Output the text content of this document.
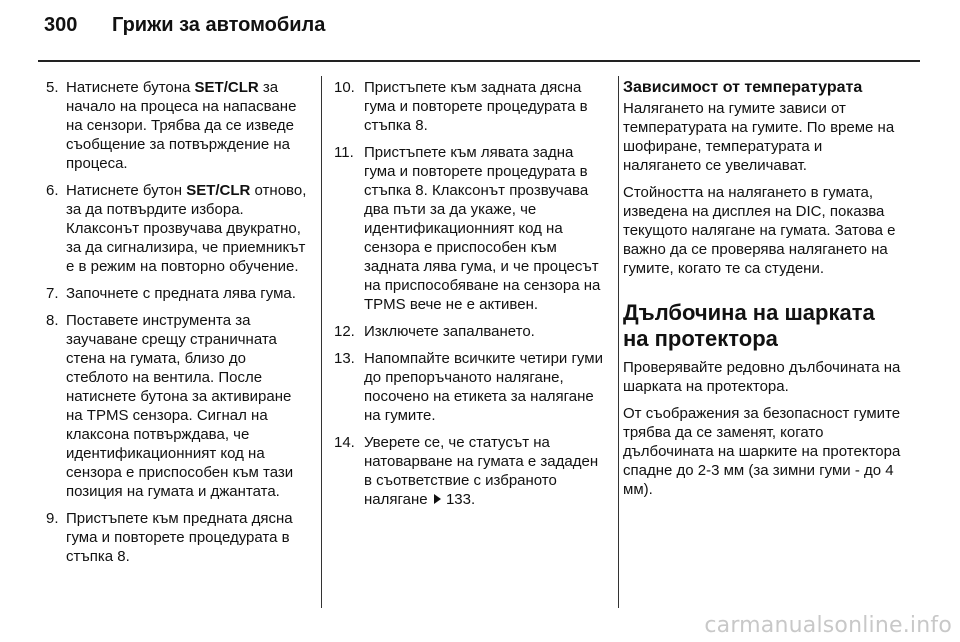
300	Грижи за автомобила
5. Натиснете бутона SET/CLR за начало на процеса на напасване на сензори. Трябва да се изведе съобщение за потвърждение на процеса.
6. Натиснете бутон SET/CLR отново, за да потвърдите избора. Клаксонът прозвучава двукратно, за да сигнализира, че приемникът е в режим на повторно обучение.
7. Започнете с предната лява гума.
8. Поставете инструмента за заучаване срещу страничната стена на гумата, близо до стеблото на вентила. После натиснете бутона за активиране на TPMS сензора. Сигнал на клаксона потвърждава, че идентификационният код на сензора е приспособен към тази позиция на гумата и джантата.
9. Пристъпете към предната дясна гума и повторете процедурата в стъпка 8.
10. Пристъпете към задната дясна гума и повторете процедурата в стъпка 8.
11. Пристъпете към лявата задна гума и повторете процедурата в стъпка 8. Клаксонът прозвучава два пъти за да укаже, че идентификационният код на сензора е приспособен към задната лява гума, и че процесът на приспособяване на сензора на TPMS вече не е активен.
12. Изключете запалването.
13. Напомпайте всичките четири гуми до препоръчаното налягане, посочено на етикета за налягане на гумите.
14. Уверете се, че статусът на натоварване на гумата е зададен в съответствие с избраното налягане 133.
Зависимост от температурата

Налягането на гумите зависи от температурата на гумите. По време на шофиране, температурата и налягането се увеличават.

Стойността на налягането в гумата, изведена на дисплея на DIC, показва текущото налягане на гумата. Затова е важно да се проверява налягането на гумите, когато те са студени.

Дълбочина на шарката на протектора

Проверявайте редовно дълбочината на шарката на протектора.

От съображения за безопасност гумите трябва да се заменят, когато дълбочината на шарките на протектора спадне до 2-3 мм (за зимни гуми - до 4 мм).

carmanualsonline.info
